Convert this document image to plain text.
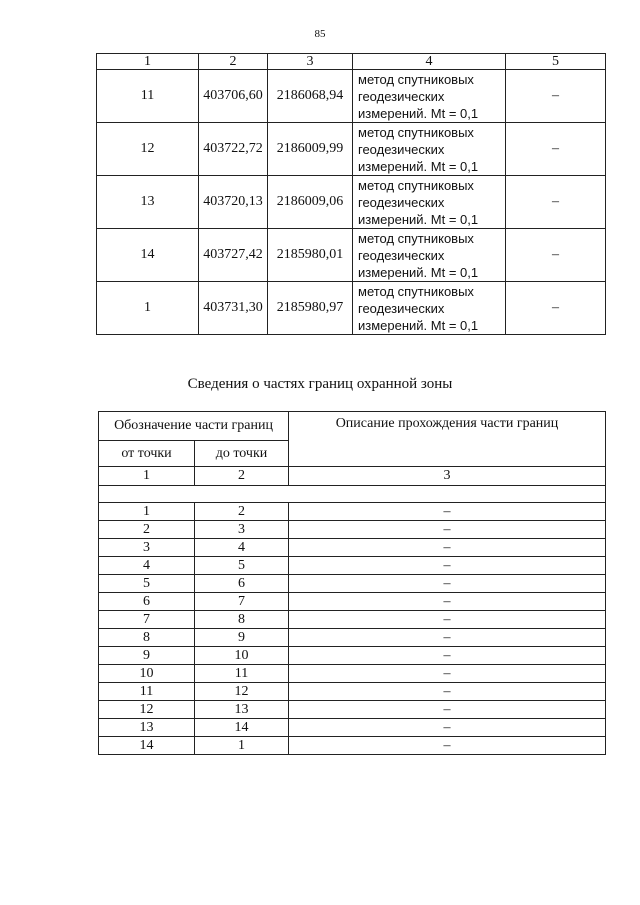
85
1	2	3	4	5
11	403706,60	2186068,94	метод спутниковых
геодезических
измерений. Mt = 0,1	–
12	403722,72	2186009,99	метод спутниковых
геодезических
измерений. Mt = 0,1	–
13	403720,13	2186009,06	метод спутниковых
геодезических
измерений. Mt = 0,1	–
14	403727,42	2185980,01	метод спутниковых
геодезических
измерений. Mt = 0,1	–
1	403731,30	2185980,97	метод спутниковых
геодезических
измерений. Mt = 0,1	–
Сведения о частях границ охранной зоны
Обозначение части границ		Описание прохождения части границ
от точки	до точки	
1	2	3

1	2	–
2	3	–
3	4	–
4	5	–
5	6	–
6	7	–
7	8	–
8	9	–
9	10	–
10	11	–
11	12	–
12	13	–
13	14	–
14	1	–
